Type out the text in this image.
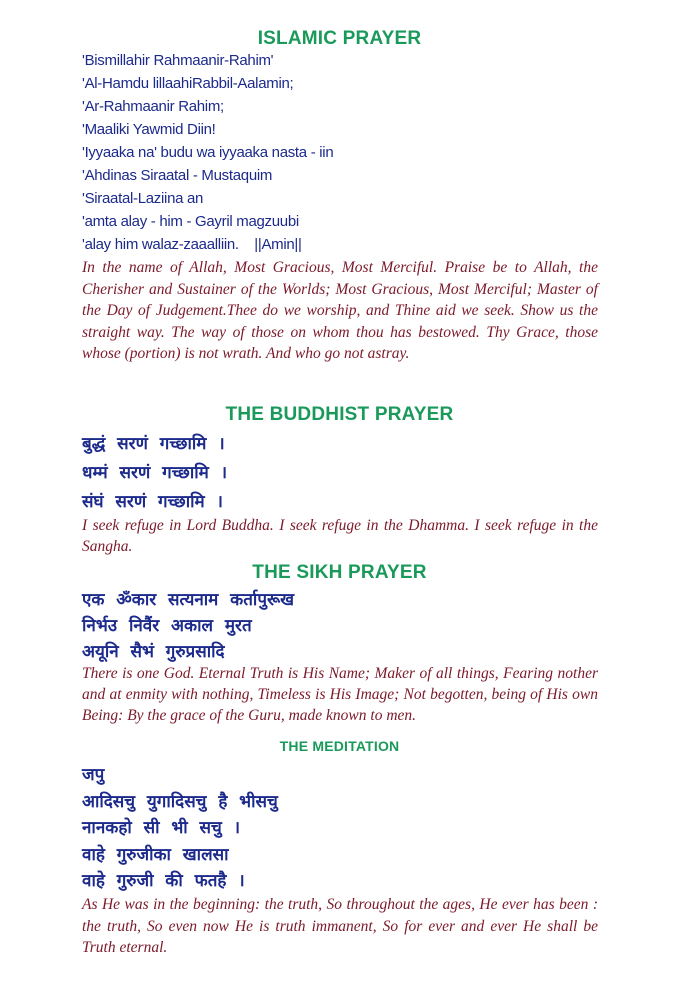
ISLAMIC PRAYER
'Bismillahir Rahmaanir-Rahim'
'Al-Hamdu lillaahiRabbil-Aalamin;
'Ar-Rahmaanir Rahim;
'Maaliki Yawmid Diin!
'Iyyaaka na' budu wa iyyaaka nasta - iin
'Ahdinas Siraatal - Mustaquim
'Siraatal-Laziina an
'amta alay - him - Gayril magzuubi
'alay him walaz-zaaalliin.    ||Amin||

In the name of Allah, Most Gracious, Most Merciful. Praise be to Allah, the Cherisher and Sustainer of the Worlds; Most Gracious, Most Merciful; Master of the Day of Judgement.Thee do we worship, and Thine aid we seek. Show us the straight way. The way of those on whom thou has bestowed. Thy Grace, those whose (portion) is not wrath. And who go not astray.

THE BUDDHIST PRAYER
बुद्धं  सरणं  गच्छामि  ।
धम्मं  सरणं  गच्छामि  ।
संघं  सरणं  गच्छामि  ।

I seek refuge in Lord Buddha. I seek refuge in the Dhamma. I seek refuge in the Sangha.

THE SIKH PRAYER
एक  ॐकार  सत्यनाम  कर्तापुरूख
निर्भउ  निवैंर  अकाल  मुरत
अयूनि  सैभं  गुरुप्रसादि

There is one God. Eternal Truth is His Name; Maker of all things, Fearing nother and at enmity with nothing, Timeless is His Image; Not begotten, being of His own Being: By the grace of the Guru, made known to men.

THE MEDITATION
जपु
आदिसचु  युगादिसचु  है  भीसचु
नानकहो  सी  भी  सचु  ।
वाहे  गुरुजीका  खालसा
वाहे  गुरुजी  की  फतहै  ।

As He was in the beginning: the truth, So throughout the ages, He ever has been : the truth, So even now He is truth immanent, So for ever and ever He shall be Truth eternal.
